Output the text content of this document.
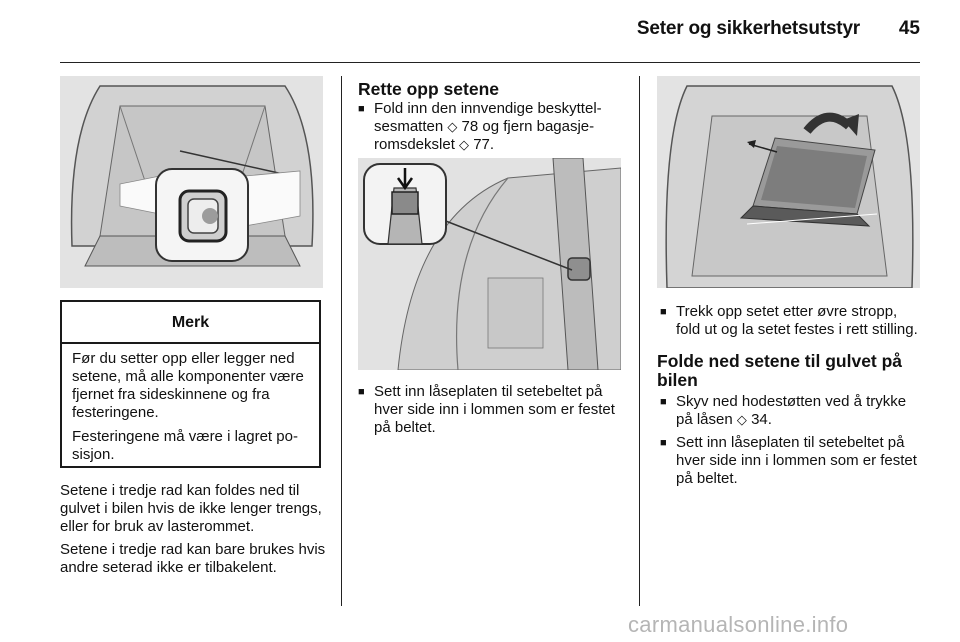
Seter og sikkerhetsutstyr	45
Merk

Før du setter opp eller legger ned setene, må alle komponenter være fjernet fra sideskinnene og fra festeringene.

Festeringene må være i lagret po-sisjon.

Setene i tredje rad kan foldes ned til gulvet i bilen hvis de ikke lenger trengs, eller for bruk av lasterommet.

Setene i tredje rad kan bare brukes hvis andre seterad ikke er tilbakelent.

Rette opp setene
■ Fold inn den innvendige beskyttel-sesmatten ◇ 78 og fjern bagasje-romsdekslet ◇ 77.
■ Sett inn låseplaten til setebeltet på hver side inn i lommen som er festet på beltet.
■ Trekk opp setet etter øvre stropp, fold ut og la setet festes i rett stilling.
Folde ned setene til gulvet på bilen
■ Skyv ned hodestøtten ved å trykke på låsen ◇ 34.
■ Sett inn låseplaten til setebeltet på hver side inn i lommen som er festet på beltet.
carmanualsonline.info
